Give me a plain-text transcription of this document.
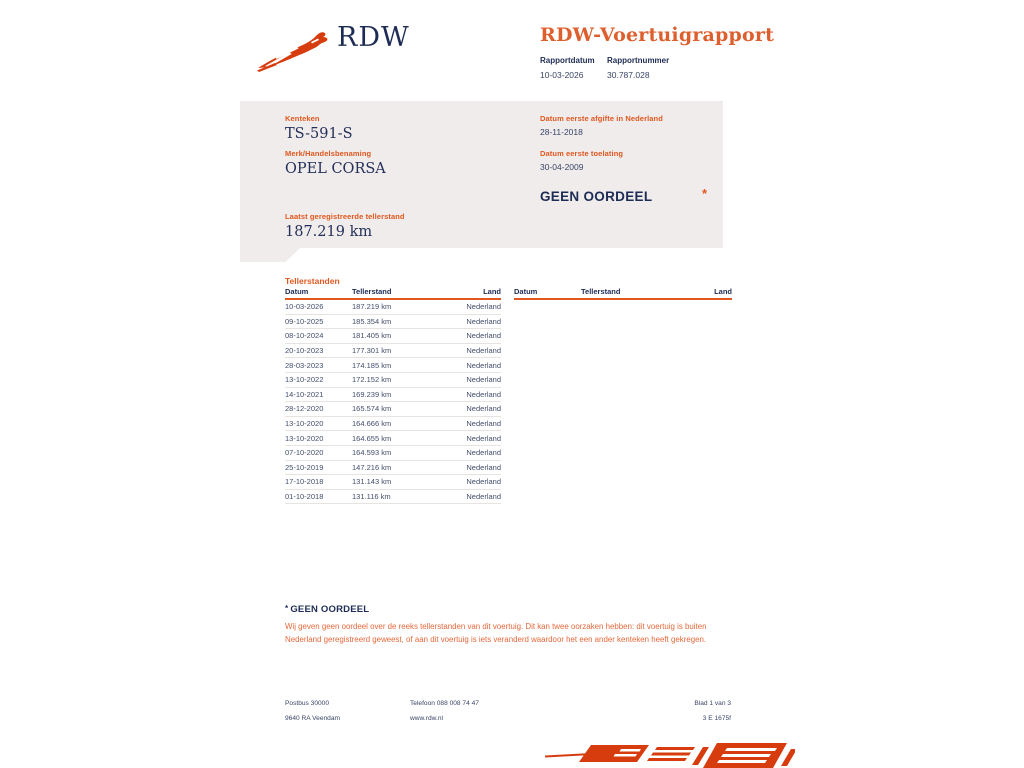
RDW	RDW-Voertuigrapport
Rapportdatum
10-03-2026
Rapportnummer
30.787.028
Kenteken
TS-591-S
Merk/Handelsbenaming
OPEL CORSA
Laatst geregistreerde tellerstand
187.219 km
Datum eerste afgifte in Nederland
28-11-2018
Datum eerste toelating
30-04-2009
GEEN OORDEEL	*
Tellerstanden
Datum	Tellerstand	Land
10-03-2026	187.219 km	Nederland
09-10-2025	185.354 km	Nederland
08-10-2024	181.405 km	Nederland
20-10-2023	177.301 km	Nederland
28-03-2023	174.185 km	Nederland
13-10-2022	172.152 km	Nederland
14-10-2021	169.239 km	Nederland
28-12-2020	165.574 km	Nederland
13-10-2020	164.666 km	Nederland
13-10-2020	164.655 km	Nederland
07-10-2020	164.593 km	Nederland
25-10-2019	147.216 km	Nederland
17-10-2018	131.143 km	Nederland
01-10-2018	131.116 km	Nederland
Datum	Tellerstand	Land
* GEEN OORDEEL
Wij geven geen oordeel over de reeks tellerstanden van dit voertuig. Dit kan twee oorzaken hebben: dit voertuig is buiten Nederland geregistreerd geweest, of aan dit voertuig is iets veranderd waardoor het een ander kenteken heeft gekregen.
Postbus 30000
9640 RA Veendam
Telefoon 088 008 74 47
www.rdw.nl
Blad 1 van 3
3 E 1675f
